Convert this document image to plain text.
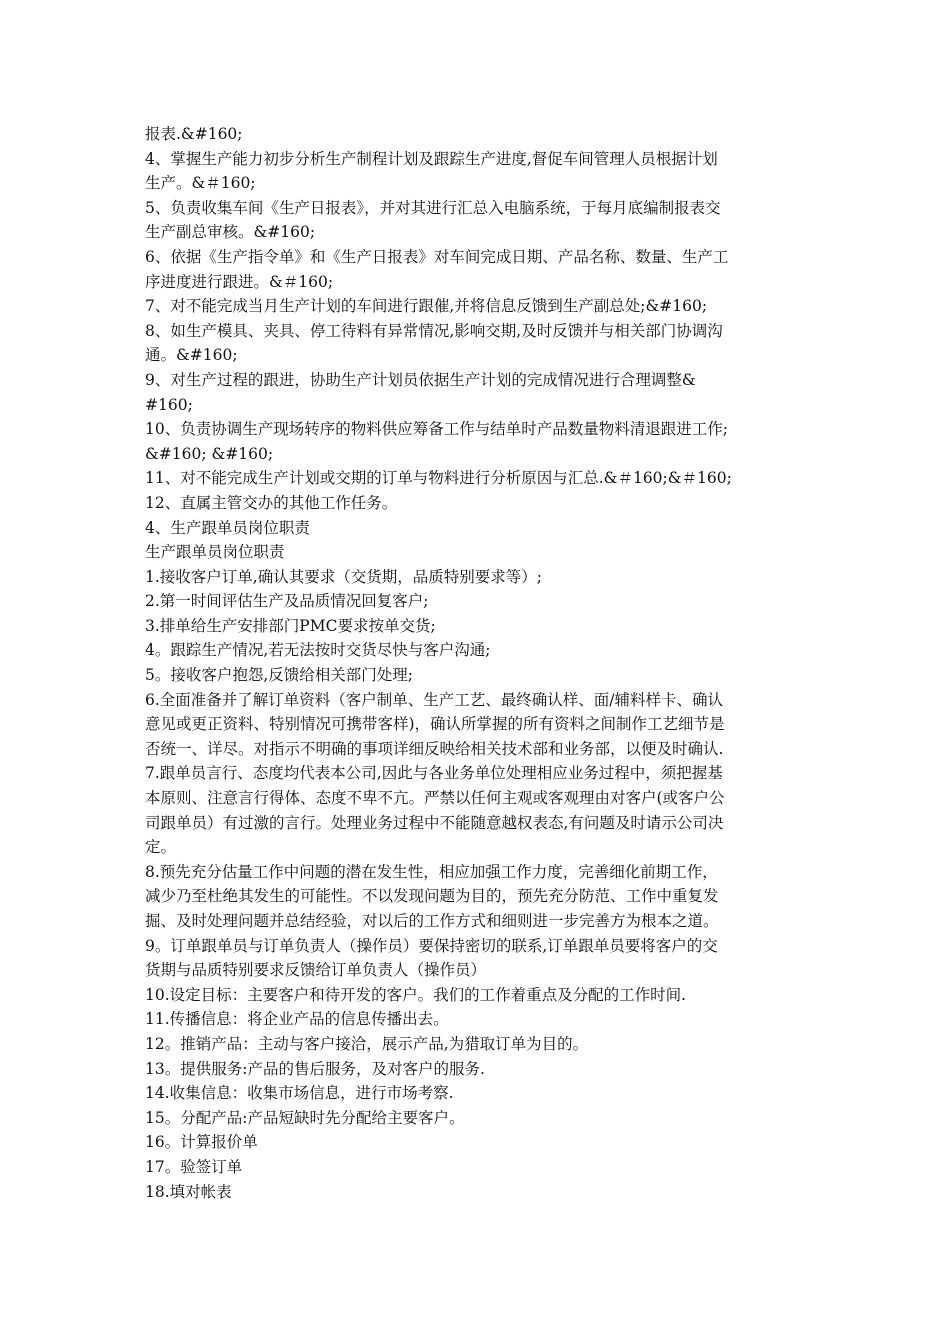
报表.&#160;
4、掌握生产能力初步分析生产制程计划及跟踪生产进度,督促车间管理人员根据计划
生产。&＃160;
5、负责收集车间《生产日报表》，并对其进行汇总入电脑系统，于每月底编制报表交
生产副总审核。&#160;
6、依据《生产指令单》和《生产日报表》对车间完成日期、产品名称、数量、生产工
序进度进行跟进。&＃160;
7、对不能完成当月生产计划的车间进行跟催,并将信息反馈到生产副总处;&#160;
8、如生产模具、夹具、停工待料有异常情况,影响交期,及时反馈并与相关部门协调沟
通。&#160;
9、对生产过程的跟进，协助生产计划员依据生产计划的完成情况进行合理调整&
#160;
10、负责协调生产现场转序的物料供应筹备工作与结单时产品数量物料清退跟进工作;
&#160; &#160;
11、对不能完成生产计划或交期的订单与物料进行分析原因与汇总.&＃160;&＃160;
12、直属主管交办的其他工作任务。
4、生产跟单员岗位职责
生产跟单员岗位职责
1.接收客户订单,确认其要求（交货期，品质特别要求等）;
2.第一时间评估生产及品质情况回复客户;
3.排单给生产安排部门PMC要求按单交货;
4。跟踪生产情况,若无法按时交货尽快与客户沟通;
5。接收客户抱怨,反馈给相关部门处理;
6.全面准备并了解订单资料（客户制单、生产工艺、最终确认样、面/辅料样卡、确认
意见或更正资料、特别情况可携带客样)，确认所掌握的所有资料之间制作工艺细节是
否统一、详尽。对指示不明确的事项详细反映给相关技术部和业务部，以便及时确认.
7.跟单员言行、态度均代表本公司,因此与各业务单位处理相应业务过程中，须把握基
本原则、注意言行得体、态度不卑不亢。严禁以任何主观或客观理由对客户(或客户公
司跟单员）有过激的言行。处理业务过程中不能随意越权表态,有问题及时请示公司决
定。
8.预先充分估量工作中问题的潜在发生性，相应加强工作力度，完善细化前期工作，
减少乃至杜绝其发生的可能性。不以发现问题为目的，预先充分防范、工作中重复发
掘、及时处理问题并总结经验，对以后的工作方式和细则进一步完善方为根本之道。
9。订单跟单员与订单负责人（操作员）要保持密切的联系,订单跟单员要将客户的交
货期与品质特别要求反馈给订单负责人（操作员）
10.设定目标：主要客户和待开发的客户。我们的工作着重点及分配的工作时间.
11.传播信息：将企业产品的信息传播出去。
12。推销产品：主动与客户接洽，展示产品,为猎取订单为目的。
13。提供服务:产品的售后服务，及对客户的服务.
14.收集信息：收集市场信息，进行市场考察.
15。分配产品:产品短缺时先分配给主要客户。
16。计算报价单
17。验签订单
18.填对帐表
